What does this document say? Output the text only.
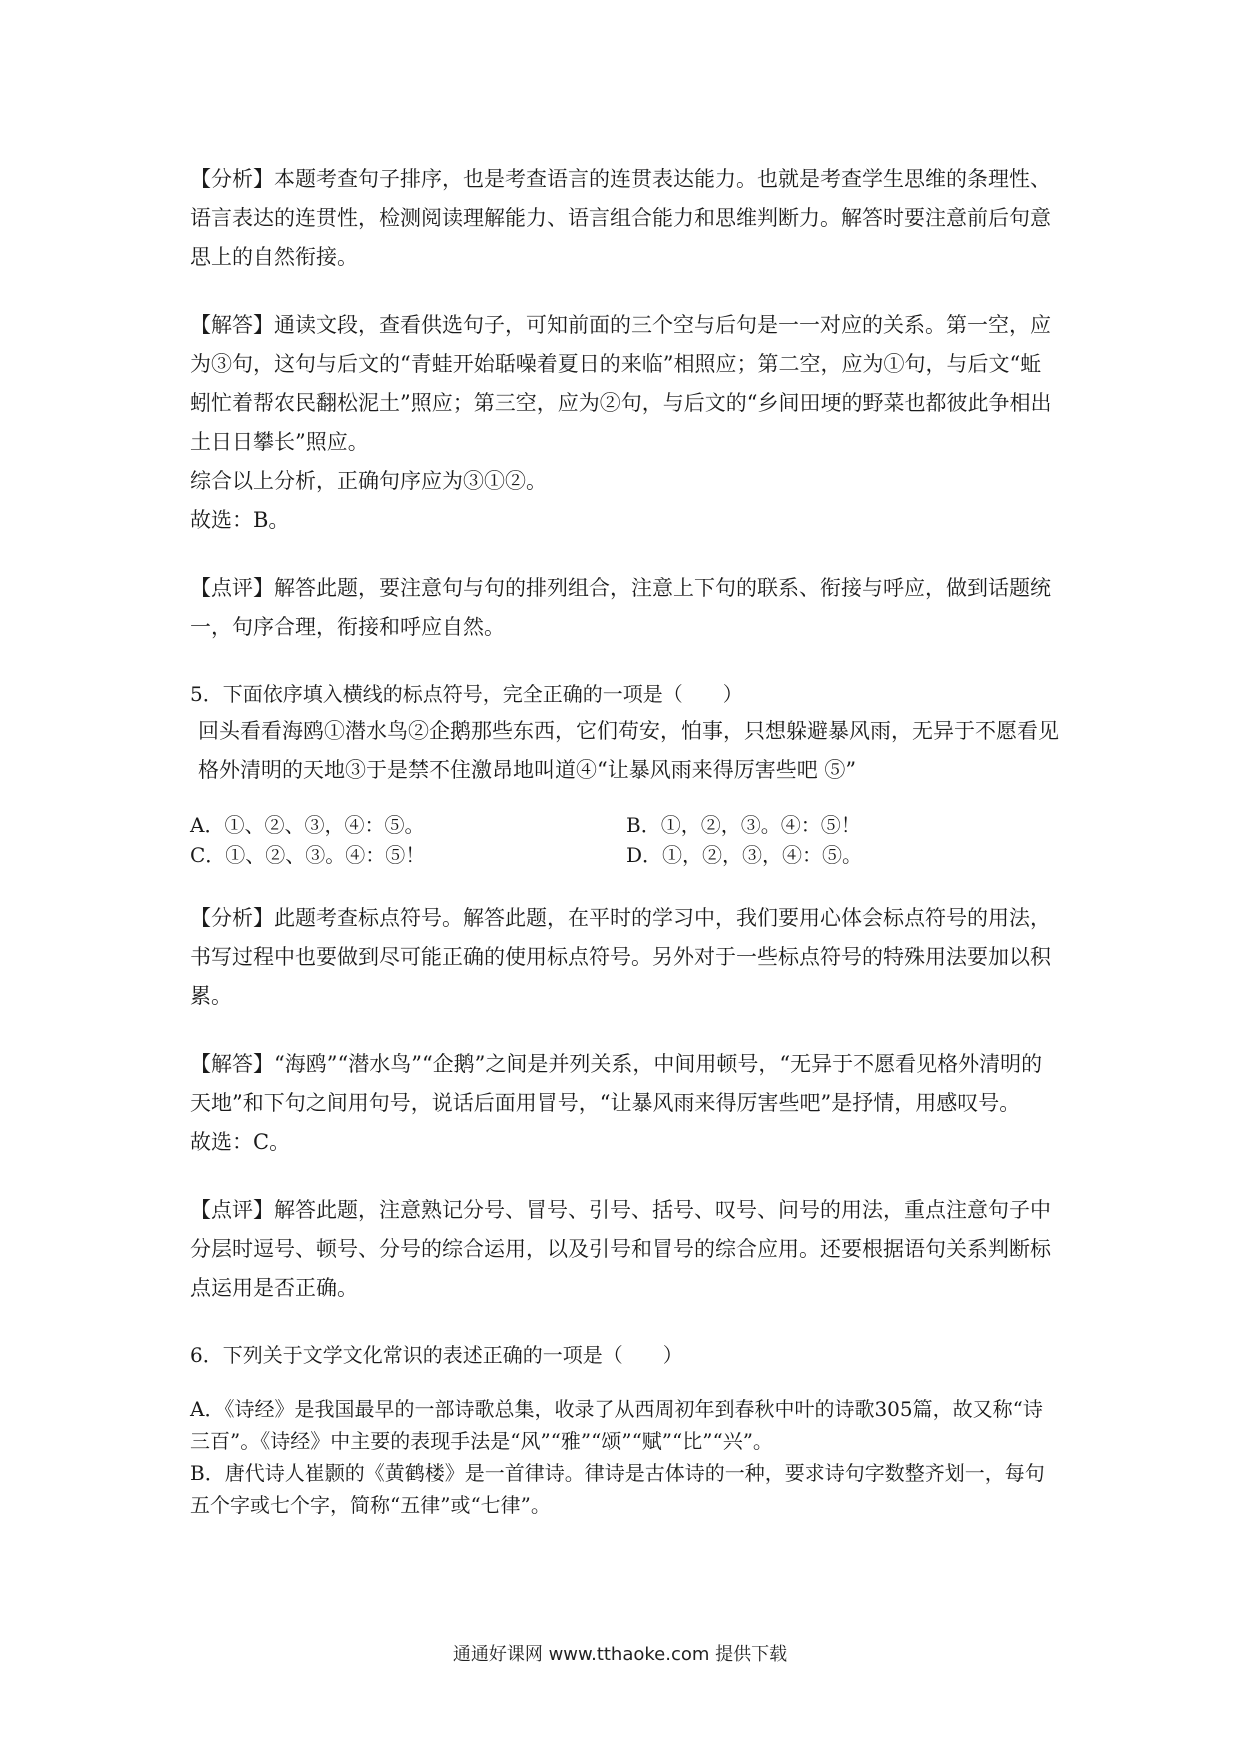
【分析】本题考查句子排序，也是考查语言的连贯表达能力。也就是考查学生思维的条理性、语言表达的连贯性，检测阅读理解能力、语言组合能力和思维判断力。解答时要注意前后句意思上的自然衔接。

【解答】通读文段，查看供选句子，可知前面的三个空与后句是一一对应的关系。第一空，应为③句，这句与后文的“青蛙开始聒噪着夏日的来临”相照应；第二空，应为①句，与后文“蚯蚓忙着帮农民翻松泥土”照应；第三空，应为②句，与后文的“乡间田埂的野菜也都彼此争相出土日日攀长”照应。

综合以上分析，正确句序应为③①②。

故选：B。

【点评】解答此题，要注意句与句的排列组合，注意上下句的联系、衔接与呼应，做到话题统一，句序合理，衔接和呼应自然。

5．下面依序填入横线的标点符号，完全正确的一项是（　　）

回头看看海鸥①潜水鸟②企鹅那些东西，它们苟安，怕事，只想躲避暴风雨，无异于不愿看见格外清明的天地③于是禁不住激昂地叫道④“让暴风雨来得厉害些吧 ⑤”

A．①、②、③，④：⑤。	B．①，②，③。④：⑤！
C．①、②、③。④：⑤！	D．①，②，③，④：⑤。

【分析】此题考查标点符号。解答此题，在平时的学习中，我们要用心体会标点符号的用法，书写过程中也要做到尽可能正确的使用标点符号。另外对于一些标点符号的特殊用法要加以积累。

【解答】“海鸥”“潜水鸟”“企鹅”之间是并列关系，中间用顿号，“无异于不愿看见格外清明的天地”和下句之间用句号，说话后面用冒号，“让暴风雨来得厉害些吧”是抒情，用感叹号。

故选：C。

【点评】解答此题，注意熟记分号、冒号、引号、括号、叹号、问号的用法，重点注意句子中分层时逗号、顿号、分号的综合运用，以及引号和冒号的综合应用。还要根据语句关系判断标点运用是否正确。

6．下列关于文学文化常识的表述正确的一项是（　　）

A．《诗经》是我国最早的一部诗歌总集，收录了从西周初年到春秋中叶的诗歌305篇，故又称“诗三百”。《诗经》中主要的表现手法是“风”“雅”“颂”“赋”“比”“兴”。
B．唐代诗人崔颢的《黄鹤楼》是一首律诗。律诗是古体诗的一种，要求诗句字数整齐划一，每句五个字或七个字，简称“五律”或“七律”。
通通好课网 www.tthaoke.com 提供下载
